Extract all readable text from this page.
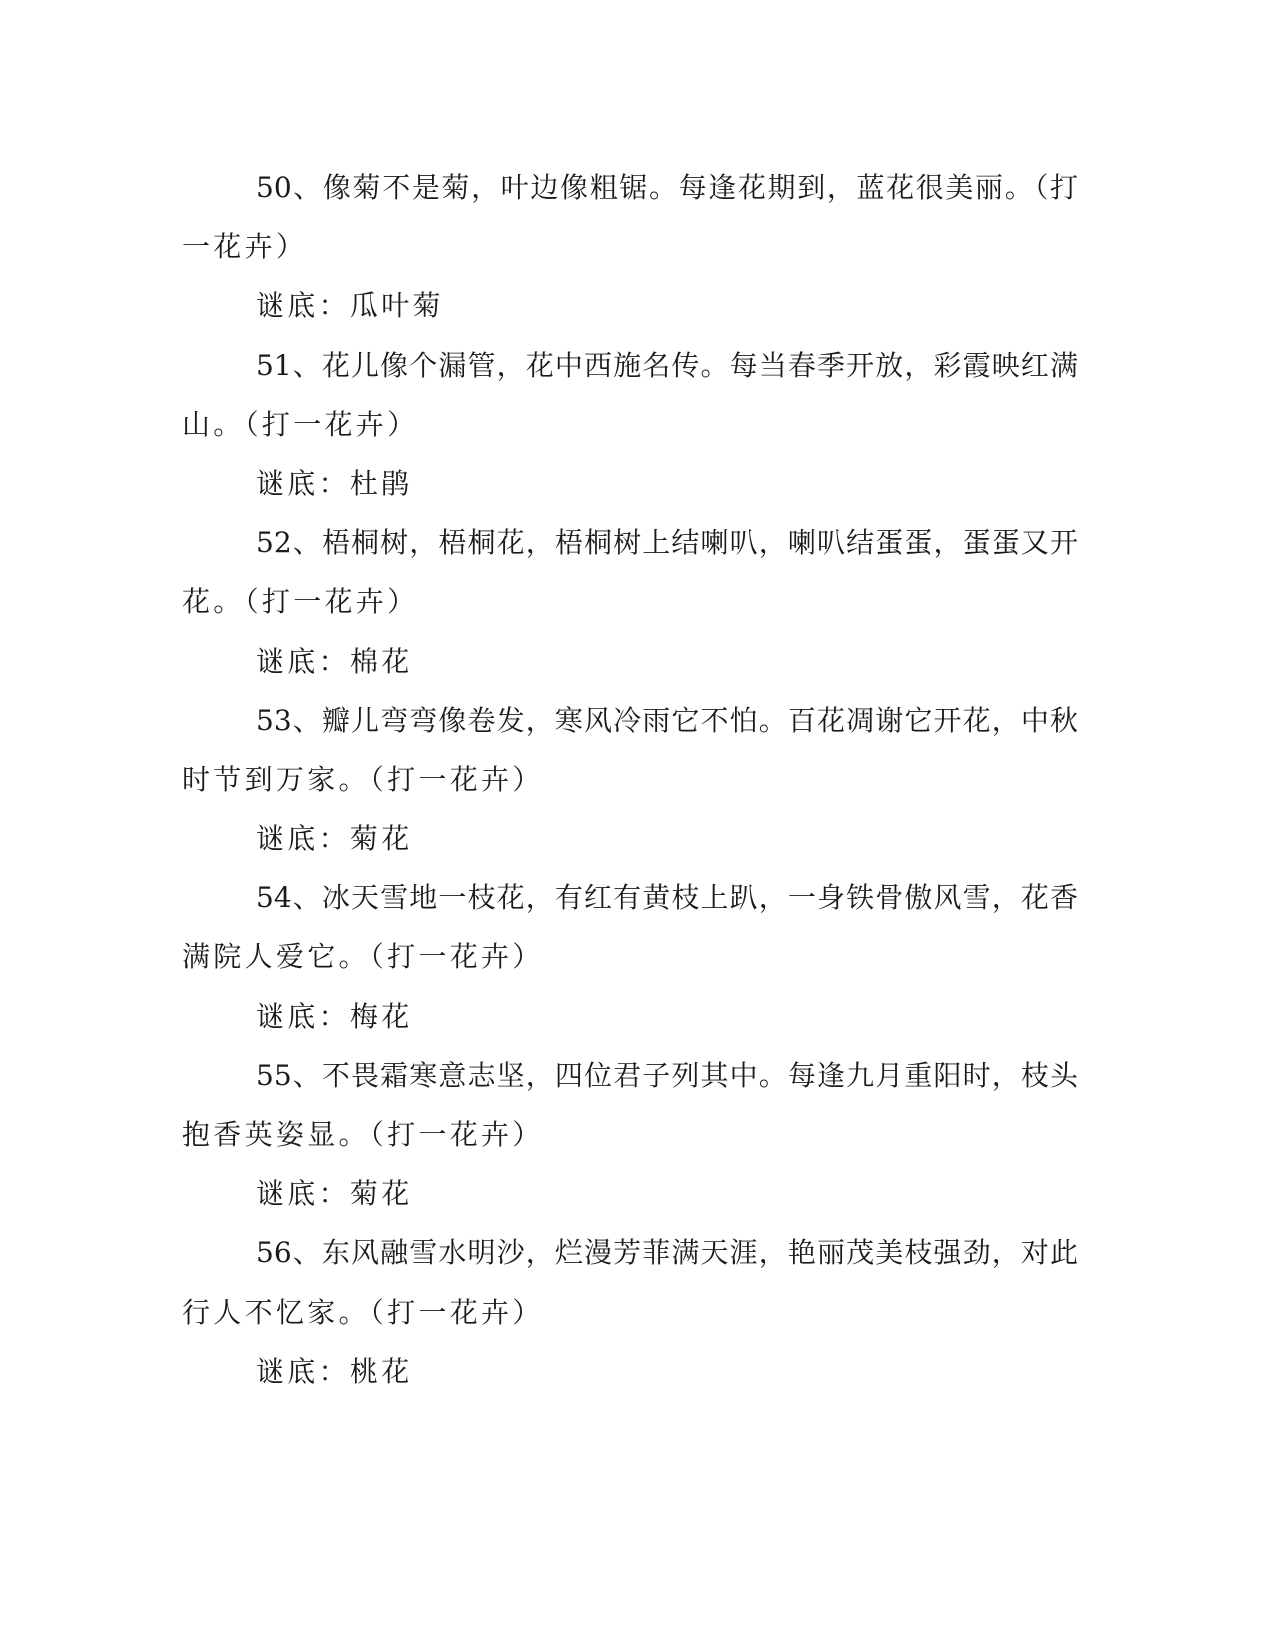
50、像菊不是菊，叶边像粗锯。每逢花期到，蓝花很美丽。（打
一花卉）
谜底：瓜叶菊
51、花儿像个漏管，花中西施名传。每当春季开放，彩霞映红满
山。（打一花卉）
谜底：杜鹃
52、梧桐树，梧桐花，梧桐树上结喇叭，喇叭结蛋蛋，蛋蛋又开
花。（打一花卉）
谜底：棉花
53、瓣儿弯弯像卷发，寒风冷雨它不怕。百花凋谢它开花，中秋
时节到万家。（打一花卉）
谜底：菊花
54、冰天雪地一枝花，有红有黄枝上趴，一身铁骨傲风雪，花香
满院人爱它。（打一花卉）
谜底：梅花
55、不畏霜寒意志坚，四位君子列其中。每逢九月重阳时，枝头
抱香英姿显。（打一花卉）
谜底：菊花
56、东风融雪水明沙，烂漫芳菲满天涯，艳丽茂美枝强劲，对此
行人不忆家。（打一花卉）
谜底：桃花
